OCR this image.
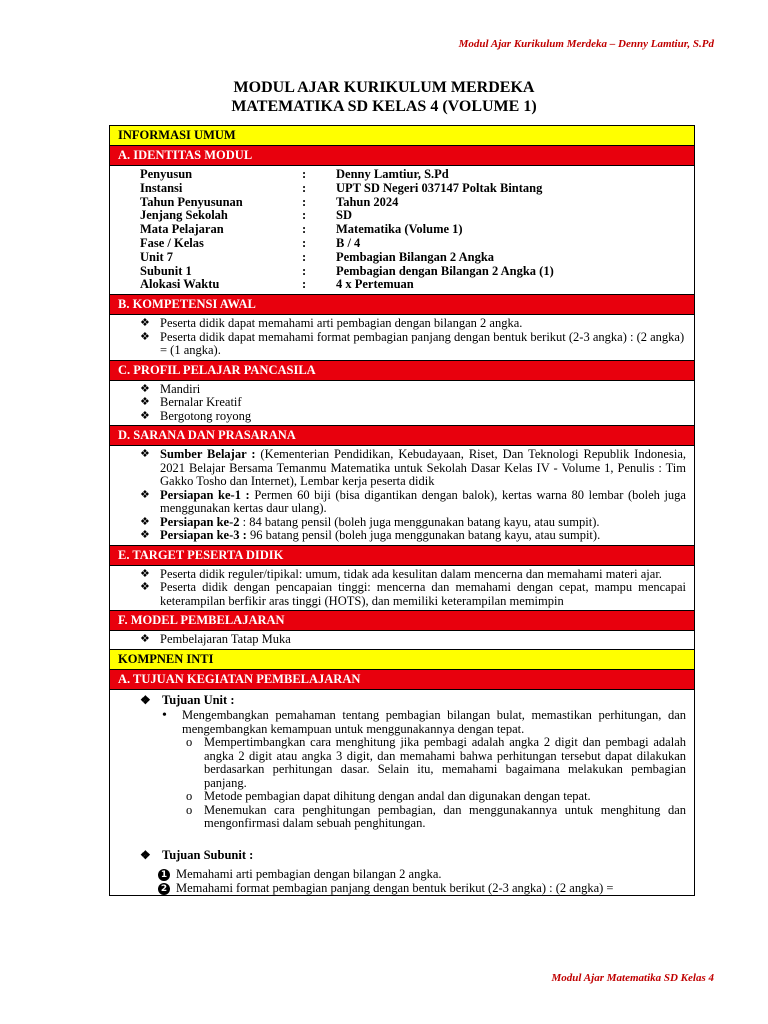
Modul Ajar Kurikulum Merdeka – Denny Lamtiur, S.Pd
MODUL AJAR KURIKULUM MERDEKA
MATEMATIKA SD KELAS 4 (VOLUME 1)
INFORMASI UMUM
A. IDENTITAS MODUL
Penyusun	:	Denny Lamtiur, S.Pd
Instansi	:	UPT SD Negeri 037147 Poltak Bintang
Tahun Penyusunan	:	Tahun 2024
Jenjang Sekolah	:	SD
Mata Pelajaran	:	Matematika (Volume 1)
Fase / Kelas	:	B / 4
Unit 7	:	Pembagian Bilangan 2 Angka
Subunit 1	:	Pembagian dengan Bilangan 2 Angka (1)
Alokasi Waktu	:	4 x Pertemuan
B. KOMPETENSI AWAL
❖ Peserta didik dapat memahami arti pembagian dengan bilangan 2 angka.
❖ Peserta didik dapat memahami format pembagian panjang dengan bentuk berikut (2-3 angka) : (2 angka) = (1 angka).
C. PROFIL PELAJAR PANCASILA
❖ Mandiri
❖ Bernalar Kreatif
❖ Bergotong royong
D. SARANA DAN PRASARANA
❖ Sumber Belajar : (Kementerian Pendidikan, Kebudayaan, Riset, Dan Teknologi Republik Indonesia, 2021 Belajar Bersama Temanmu Matematika untuk Sekolah Dasar Kelas IV - Volume 1, Penulis : Tim Gakko Tosho dan Internet), Lembar kerja peserta didik
❖ Persiapan ke-1 : Permen 60 biji (bisa digantikan dengan balok), kertas warna 80 lembar (boleh juga menggunakan kertas daur ulang).
❖ Persiapan ke-2 : 84 batang pensil (boleh juga menggunakan batang kayu, atau sumpit).
❖ Persiapan ke-3 : 96 batang pensil (boleh juga menggunakan batang kayu, atau sumpit).
E. TARGET PESERTA DIDIK
❖ Peserta didik reguler/tipikal: umum, tidak ada kesulitan dalam mencerna dan memahami materi ajar.
❖ Peserta didik dengan pencapaian tinggi: mencerna dan memahami dengan cepat, mampu mencapai keterampilan berfikir aras tinggi (HOTS), dan memiliki keterampilan memimpin
F. MODEL PEMBELAJARAN
❖ Pembelajaran Tatap Muka
KOMPNEN INTI
A. TUJUAN KEGIATAN PEMBELAJARAN
❖ Tujuan Unit :
• Mengembangkan pemahaman tentang pembagian bilangan bulat, memastikan perhitungan, dan mengembangkan kemampuan untuk menggunakannya dengan tepat.
o Mempertimbangkan cara menghitung jika pembagi adalah angka 2 digit dan pembagi adalah angka 2 digit atau angka 3 digit, dan memahami bahwa perhitungan tersebut dapat dilakukan berdasarkan perhitungan dasar. Selain itu, memahami bagaimana melakukan pembagian panjang.
o Metode pembagian dapat dihitung dengan andal dan digunakan dengan tepat.
o Menemukan cara penghitungan pembagian, dan menggunakannya untuk menghitung dan mengonfirmasi dalam sebuah penghitungan.
❖ Tujuan Subunit :
1 Memahami arti pembagian dengan bilangan 2 angka.
2 Memahami format pembagian panjang dengan bentuk berikut (2-3 angka) : (2 angka) =
Modul Ajar Matematika SD Kelas 4
